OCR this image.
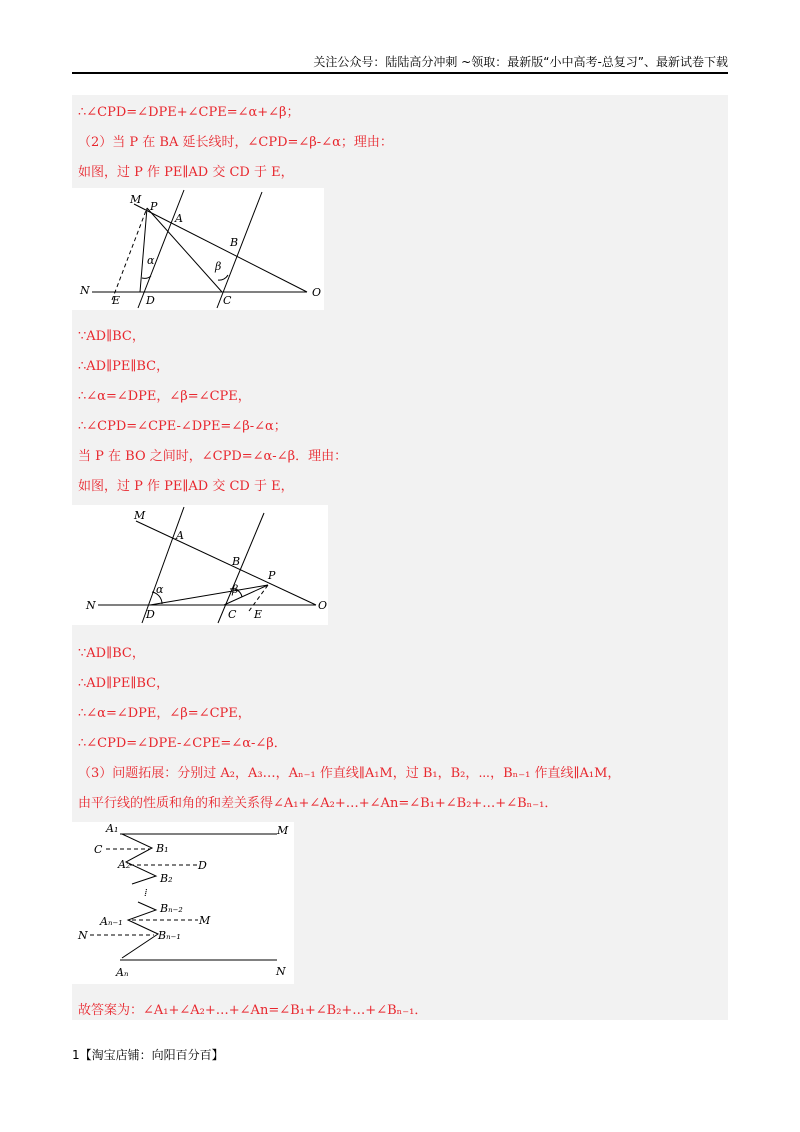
关注公众号：陆陆高分冲刺 ~领取：最新版“小中高考-总复习”、最新试卷下载
∴∠CPD=∠DPE+∠CPE=∠α+∠β；
（2）当 P 在 BA 延长线时，∠CPD=∠β-∠α；理由：
如图，过 P 作 PE∥AD 交 CD 于 E，
M
P
A
B
α	β
N
E D	C
O
∵AD∥BC，
∴AD∥PE∥BC，
∴∠α=∠DPE，∠β=∠CPE，
∴∠CPD=∠CPE-∠DPE=∠β-∠α；
当 P 在 BO 之间时，∠CPD=∠α-∠β．理由：
如图，过 P 作 PE∥AD 交 CD 于 E，
M
A
B
P
α	β
N
D	C E
O
∵AD∥BC，
∴AD∥PE∥BC，
∴∠α=∠DPE，∠β=∠CPE，
∴∠CPD=∠DPE-∠CPE=∠α-∠β．
（3）问题拓展：分别过 A₂，A₃…，Aₙ₋₁ 作直线∥A₁M，过 B₁，B₂，⋯，Bₙ₋₁ 作直线∥A₁M，
由平行线的性质和角的和差关系得∠A₁+∠A₂+…+∠An=∠B₁+∠B₂+…+∠Bₙ₋₁．
A₁	M
C	B₁
A₂	D
⁞
B₂
Bₙ₋₂
Aₙ₋₁	M
N	Bₙ₋₁
Aₙ	N
故答案为：∠A₁+∠A₂+…+∠An=∠B₁+∠B₂+…+∠Bₙ₋₁．
1【淘宝店铺：向阳百分百】
